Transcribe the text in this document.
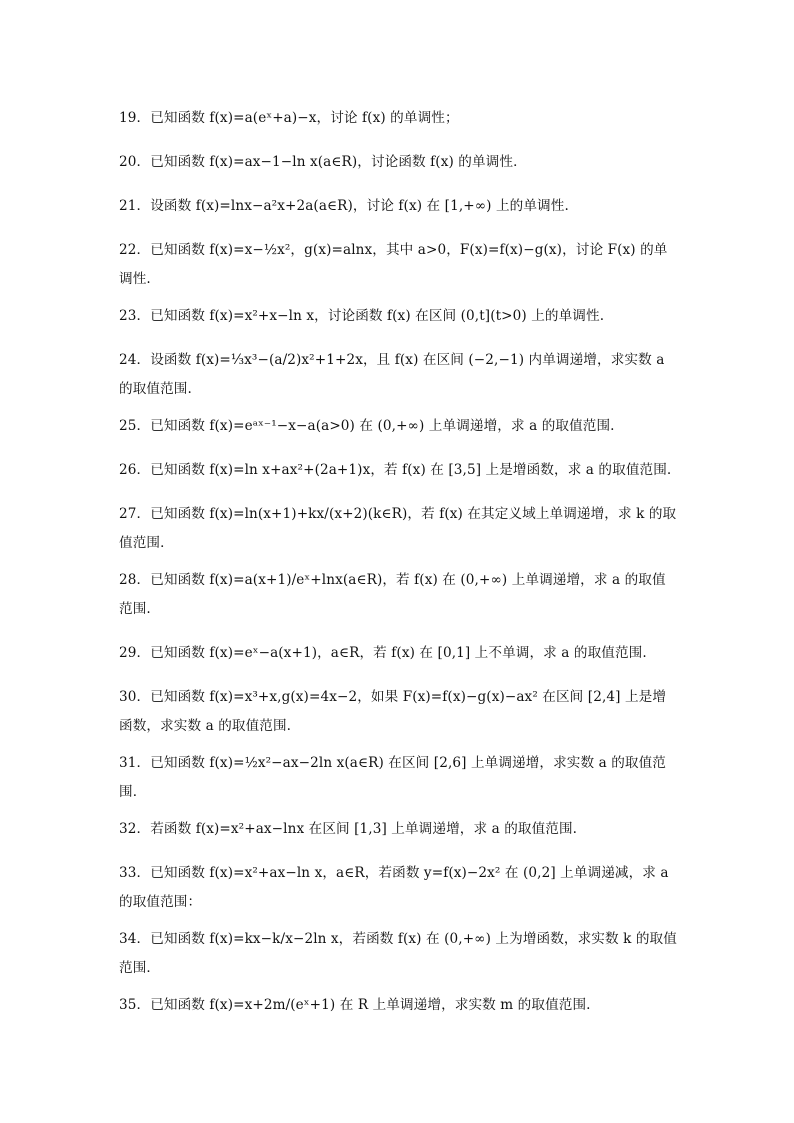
19．已知函数 f(x)=a(eˣ+a)−x，讨论 f(x) 的单调性；
20．已知函数 f(x)=ax−1−ln x(a∈R)，讨论函数 f(x) 的单调性．
21．设函数 f(x)=lnx−a²x+2a(a∈R)，讨论 f(x) 在 [1,+∞) 上的单调性.
22．已知函数 f(x)=x−½x²，g(x)=alnx，其中 a>0，F(x)=f(x)−g(x)，讨论 F(x) 的单调性.
23．已知函数 f(x)=x²+x−ln x，讨论函数 f(x) 在区间 (0,t](t>0) 上的单调性.
24．设函数 f(x)=⅓x³−(a/2)x²+1+2x，且 f(x) 在区间 (−2,−1) 内单调递增，求实数 a 的取值范围.
25．已知函数 f(x)=eᵃˣ⁻¹−x−a(a>0) 在 (0,+∞) 上单调递增，求 a 的取值范围.
26．已知函数 f(x)=ln x+ax²+(2a+1)x，若 f(x) 在 [3,5] 上是增函数，求 a 的取值范围.
27．已知函数 f(x)=ln(x+1)+kx/(x+2)(k∈R)，若 f(x) 在其定义域上单调递增，求 k 的取值范围．
28．已知函数 f(x)=a(x+1)/eˣ+lnx(a∈R)，若 f(x) 在 (0,+∞) 上单调递增，求 a 的取值范围.
29．已知函数 f(x)=eˣ−a(x+1)，a∈R，若 f(x) 在 [0,1] 上不单调，求 a 的取值范围.
30．已知函数 f(x)=x³+x,g(x)=4x−2，如果 F(x)=f(x)−g(x)−ax² 在区间 [2,4] 上是增函数，求实数 a 的取值范围.
31．已知函数 f(x)=½x²−ax−2ln x(a∈R) 在区间 [2,6] 上单调递增，求实数 a 的取值范围．
32．若函数 f(x)=x²+ax−lnx 在区间 [1,3] 上单调递增，求 a 的取值范围.
33．已知函数 f(x)=x²+ax−ln x，a∈R，若函数 y=f(x)−2x² 在 (0,2] 上单调递减，求 a 的取值范围：
34．已知函数 f(x)=kx−k/x−2ln x，若函数 f(x) 在 (0,+∞) 上为增函数，求实数 k 的取值范围．
35．已知函数 f(x)=x+2m/(eˣ+1) 在 R 上单调递增，求实数 m 的取值范围.
